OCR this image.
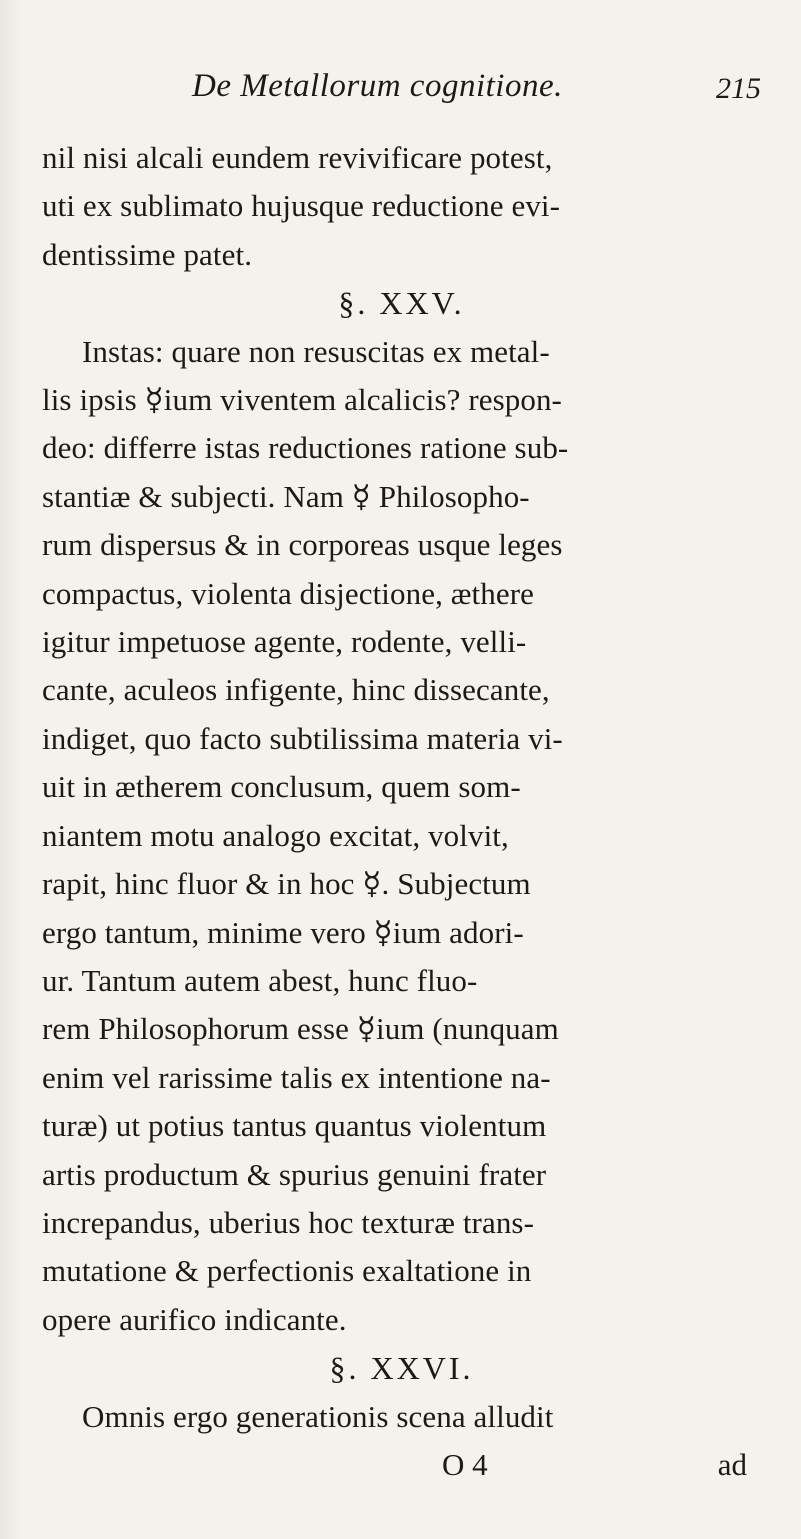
De Metallorum cognitione.	215
nil nisi alcali eundem revivificare potest,
uti ex sublimato hujusque reductione evi-
dentissime patet.
§. XXV.
Instas: quare non resuscitas ex metal-
lis ipsis ☿ium viventem alcalicis? respon-
deo: differre istas reductiones ratione sub-
stantiæ & subjecti. Nam ☿ Philosopho-
rum dispersus & in corporeas usque leges
compactus, violenta disjectione, æthere
igitur impetuose agente, rodente, velli-
cante, aculeos infigente, hinc dissecante,
indiget, quo facto subtilissima materia vi-
uit in ætherem conclusum, quem som-
niantem motu analogo excitat, volvit,
rapit, hinc fluor & in hoc ☿. Subjectum
ergo tantum, minime vero ☿ium adori-
ur. Tantum autem abest, hunc fluo-
rem Philosophorum esse ☿ium (nunquam
enim vel rarissime talis ex intentione na-
turæ) ut potius tantus quantus violentum
artis productum & spurius genuini frater
increpandus, uberius hoc texturæ trans-
mutatione & perfectionis exaltatione in
opere aurifico indicante.
§. XXVI.
Omnis ergo generationis scena alludit
O 4	ad
